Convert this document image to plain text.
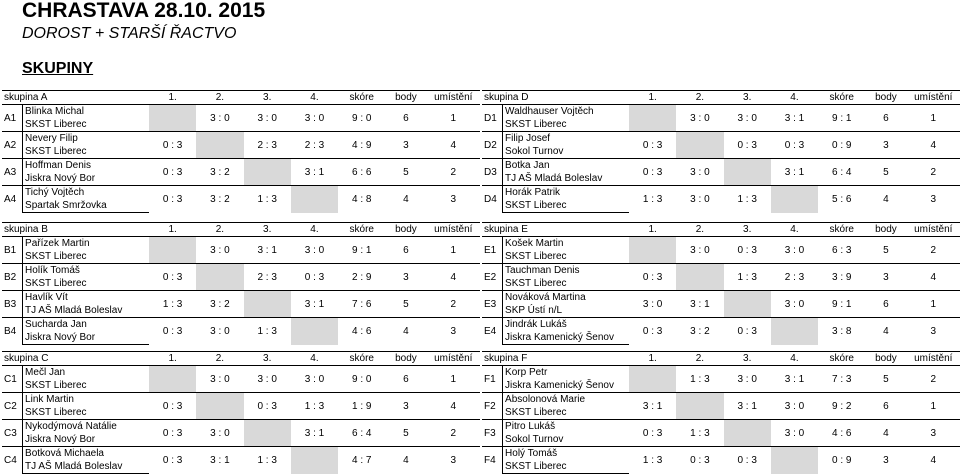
CHRASTAVA 28.10. 2015
DOROST + STARŠÍ ŘACTVO
SKUPINY
skupina A		1.	2.	3.	4.	skóre	body	umístění
A1	Blinka Michal		3 : 0	3 : 0	3 : 0	9 : 0	6	1
	SKST Liberec							
A2	Nevery Filip	0 : 3		2 : 3	2 : 3	4 : 9	3	4
	SKST Liberec							
A3	Hoffman Denis	0 : 3	3 : 2		3 : 1	6 : 6	5	2
	Jiskra Nový Bor							
A4	Tichý Vojtěch	0 : 3	3 : 2	1 : 3		4 : 8	4	3
	Spartak Smržovka							
skupina D		1.	2.	3.	4.	skóre	body	umístění
D1	Waldhauser Vojtěch		3 : 0	3 : 0	3 : 1	9 : 1	6	1
	SKST Liberec							
D2	Filip Josef	0 : 3		0 : 3	0 : 3	0 : 9	3	4
	Sokol Turnov							
D3	Botka Jan	0 : 3	3 : 0		3 : 1	6 : 4	5	2
	TJ AŠ Mladá Boleslav							
D4	Horák Patrik	1 : 3	3 : 0	1 : 3		5 : 6	4	3
	SKST Liberec							
skupina B		1.	2.	3.	4.	skóre	body	umístění
B1	Pařízek Martin		3 : 0	3 : 1	3 : 0	9 : 1	6	1
	SKST Liberec							
B2	Holík Tomáš	0 : 3		2 : 3	0 : 3	2 : 9	3	4
	SKST Liberec							
B3	Havlík Vít	1 : 3	3 : 2		3 : 1	7 : 6	5	2
	TJ AŠ Mladá Boleslav							
B4	Sucharda Jan	0 : 3	3 : 0	1 : 3		4 : 6	4	3
	Jiskra Nový Bor							
skupina E		1.	2.	3.	4.	skóre	body	umístění
E1	Košek Martin		3 : 0	0 : 3	3 : 0	6 : 3	5	2
	SKST Liberec							
E2	Tauchman Denis	0 : 3		1 : 3	2 : 3	3 : 9	3	4
	SKST Liberec							
E3	Nováková Martina	3 : 0	3 : 1		3 : 0	9 : 1	6	1
	SKP Ústí n/L							
E4	Jindrák Lukáš	0 : 3	3 : 2	0 : 3		3 : 8	4	3
	Jiskra Kamenický Šenov							
skupina C		1.	2.	3.	4.	skóre	body	umístění
C1	Mečl Jan		3 : 0	3 : 0	3 : 0	9 : 0	6	1
	SKST Liberec							
C2	Link Martin	0 : 3		0 : 3	1 : 3	1 : 9	3	4
	SKST Liberec							
C3	Nykodýmová Natálie	0 : 3	3 : 0		3 : 1	6 : 4	5	2
	Jiskra Nový Bor							
C4	Botková Michaela	0 : 3	3 : 1	1 : 3		4 : 7	4	3
	TJ AŠ Mladá Boleslav							
skupina F		1.	2.	3.	4.	skóre	body	umístění
F1	Korp Petr		1 : 3	3 : 0	3 : 1	7 : 3	5	2
	Jiskra Kamenický Šenov							
F2	Absolonová Marie	3 : 1		3 : 1	3 : 0	9 : 2	6	1
	SKST Liberec							
F3	Pitro Lukáš	0 : 3	1 : 3		3 : 0	4 : 6	4	3
	Sokol Turnov							
F4	Holý Tomáš	1 : 3	0 : 3	0 : 3		0 : 9	3	4
	SKST Liberec							
